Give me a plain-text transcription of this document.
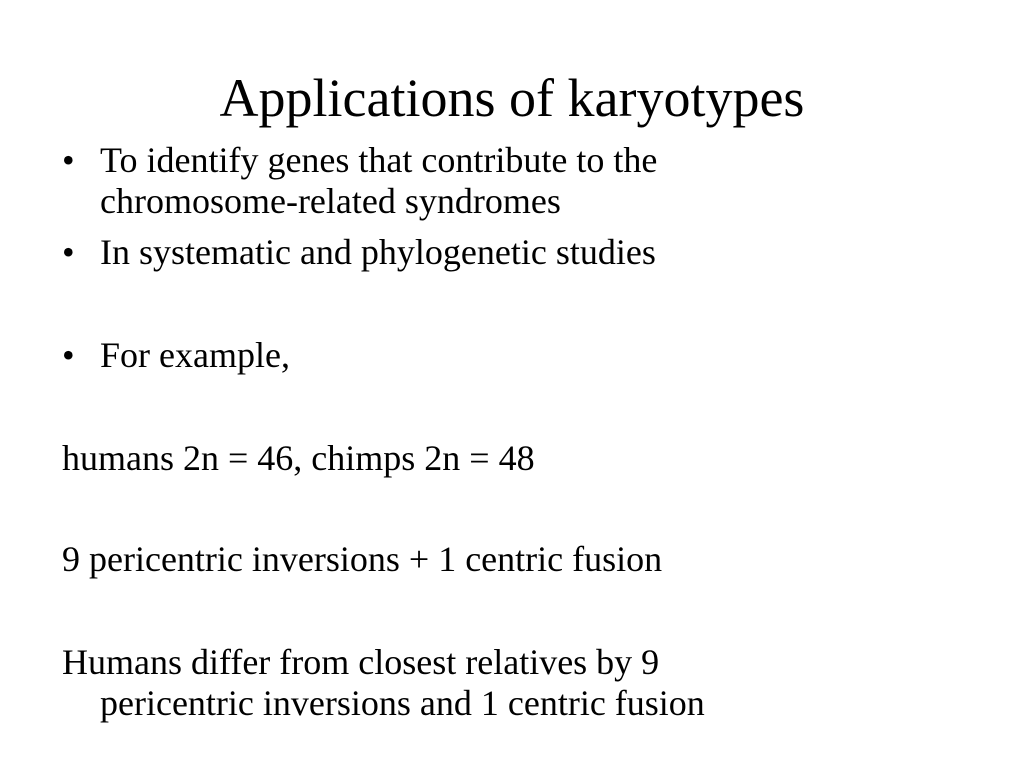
Applications of karyotypes
• To identify genes that contribute to the
chromosome-related syndromes
• In systematic and phylogenetic studies
• For example,
humans 2n = 46, chimps 2n = 48
9 pericentric inversions + 1 centric fusion
Humans differ from closest relatives by 9
pericentric inversions and 1 centric fusion
